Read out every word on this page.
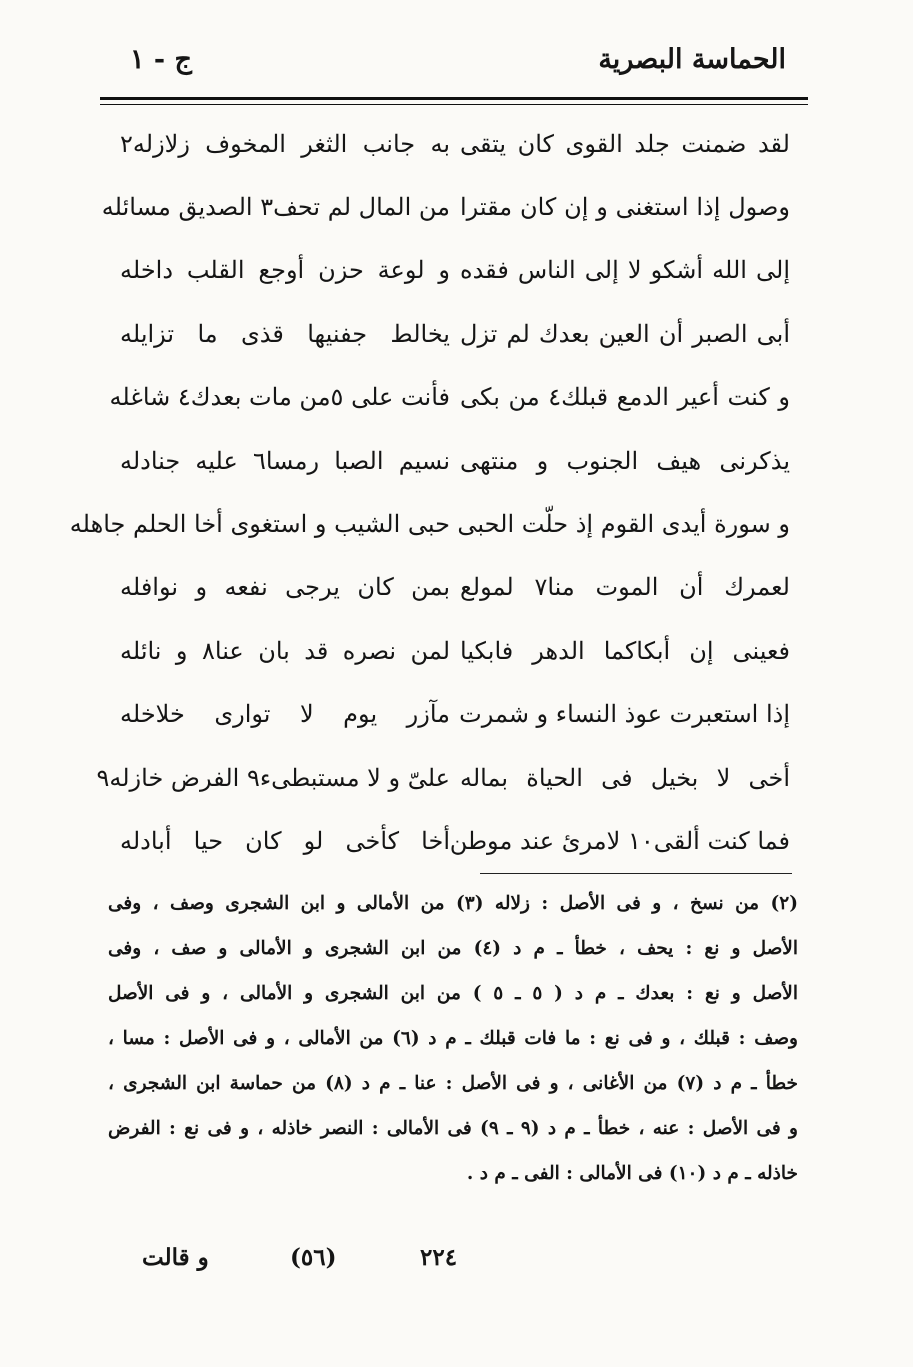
الحماسة البصرية
ج - ١
لقد ضمنت جلد القوى كان يتقى
به جانب الثغر المخوف زلازله٢
وصول إذا استغنى و إن كان مقترا
من المال لم تحف٣ الصديق مسائله
إلى الله أشكو لا إلى الناس فقده
و لوعة حزن أوجع القلب داخله
أبى الصبر أن العين بعدك لم تزل
يخالط جفنيها قذى ما تزايله
و كنت أعير الدمع قبلك٤ من بكى
فأنت على ٥من مات بعدك٤ شاغله
يذكرنى هيف الجنوب و منتهى
نسيم الصبا رمسا٦ عليه جنادله
و سورة أيدى القوم إذ حلّت الحبى
حبى الشيب و استغوى أخا الحلم جاهله
لعمرك أن الموت منا٧ لمولع
بمن كان يرجى نفعه و نوافله
فعينى إن أبكاكما الدهر فابكيا
لمن نصره قد بان عنا٨ و نائله
إذا استعبرت عوذ النساء و شمرت
مآزر يوم لا توارى خلاخله
أخى لا بخيل فى الحياة بماله
علىّ و لا مستبطىء٩ الفرض خازله٩
فما كنت ألقى١٠ لامرئ عند موطن
أخا كأخى لو كان حيا أبادله
(٢) من نسخ ، و فى الأصل : زلاله (٣) من الأمالى و ابن الشجرى وصف ، وفى
الأصل و نع : يحف ، خطأ ـ م د (٤) من ابن الشجرى و الأمالى و صف ، وفى
الأصل و نع : بعدك ـ م د ( ٥ ـ ٥ ) من ابن الشجرى و الأمالى ، و فى الأصل
وصف : قبلك ، و فى نع : ما فات قبلك ـ م د (٦) من الأمالى ، و فى الأصل : مسا ،
خطأ ـ م د (٧) من الأغانى ، و فى الأصل : عنا ـ م د (٨) من حماسة ابن الشجرى ،
و فى الأصل : عنه ، خطأ ـ م د (٩ ـ ٩) فى الأمالى : النصر خاذله ، و فى نع : الفرض
خاذله ـ م د (١٠) فى الأمالى : الفى ـ م د .
٢٢٤
(٥٦)
و قالت
